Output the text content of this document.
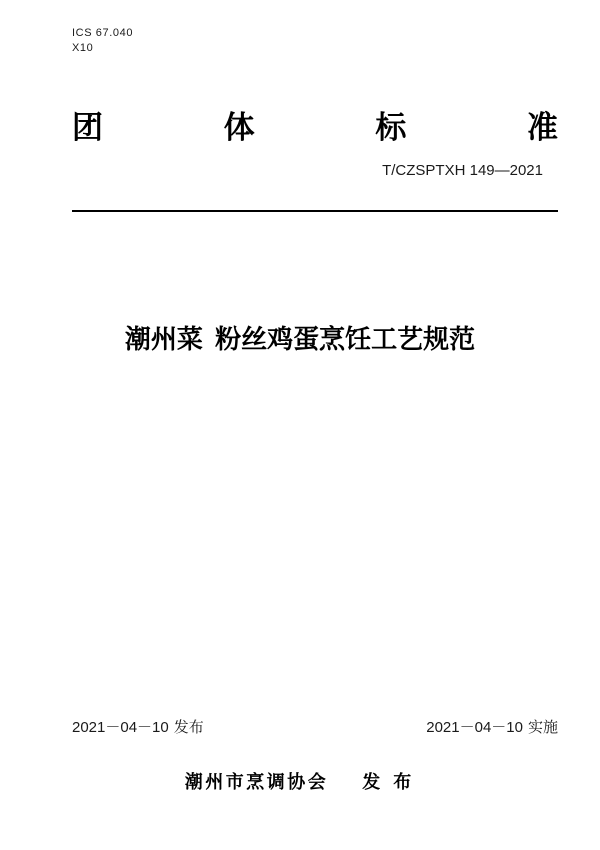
ICS 67.040
X10
团	体	标	准
T/CZSPTXH 149—2021
潮州菜 粉丝鸡蛋烹饪工艺规范
2021－04－10 发布	2021－04－10 实施
潮州市烹调协会 发 布
